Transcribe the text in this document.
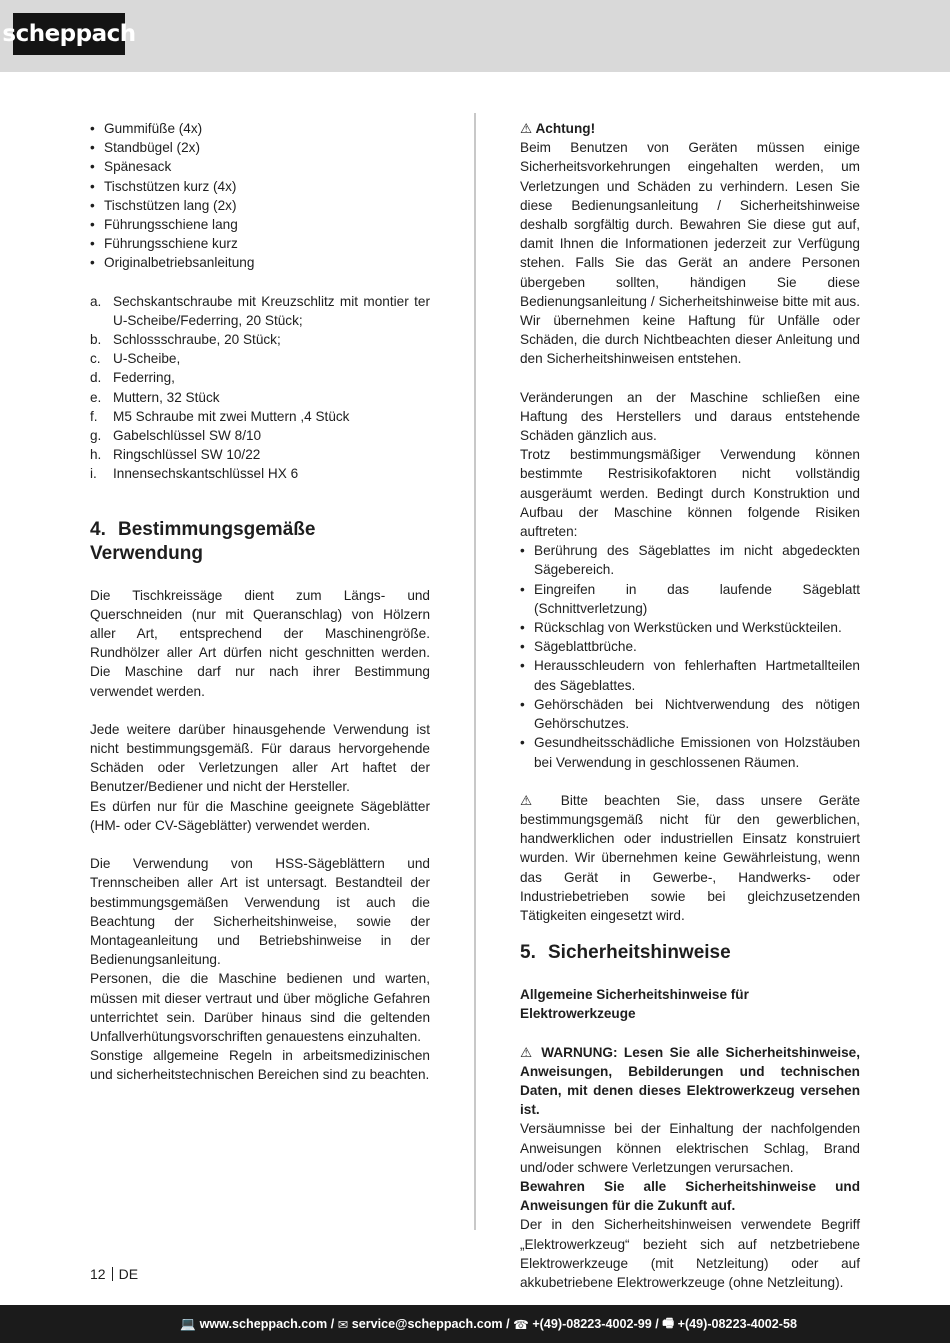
scheppach
• Gummifüße (4x)
• Standbügel (2x)
• Spänesack
• Tischstützen kurz (4x)
• Tischstützen lang (2x)
• Führungsschiene lang
• Führungsschiene kurz
• Originalbetriebsanleitung
a. Sechskantschraube mit Kreuzschlitz mit montier ter U-Scheibe/Federring, 20 Stück;
b. Schlossschraube, 20 Stück;
c. U-Scheibe,
d. Federring,
e. Muttern, 32 Stück
f.	M5 Schraube mit zwei Muttern ,4 Stück
g. Gabelschlüssel SW 8/10
h. Ringschlüssel SW 10/22
i.	Innensechskantschlüssel HX 6
4. Bestimmungsgemäße Verwendung

Die Tischkreissäge dient zum Längs- und Querschneiden (nur mit Queranschlag) von Hölzern aller Art, entsprechend der Maschinengröße. Rundhölzer aller Art dürfen nicht geschnitten werden. Die Maschine darf nur nach ihrer Bestimmung verwendet werden.

Jede weitere darüber hinausgehende Verwendung ist nicht bestimmungsgemäß. Für daraus hervorgehende Schäden oder Verletzungen aller Art haftet der Benutzer/Bediener und nicht der Hersteller.

Es dürfen nur für die Maschine geeignete Sägeblätter (HM- oder CV-Sägeblätter) verwendet werden.

Die Verwendung von HSS-Sägeblättern und Trennscheiben aller Art ist untersagt. Bestandteil der bestimmungsgemäßen Verwendung ist auch die Beachtung der Sicherheitshinweise, sowie der Montageanleitung und Betriebshinweise in der Bedienungsanleitung.

Personen, die die Maschine bedienen und warten, müssen mit dieser vertraut und über mögliche Gefahren unterrichtet sein. Darüber hinaus sind die geltenden Unfallverhütungsvorschriften genauestens einzuhalten.

Sonstige allgemeine Regeln in arbeitsmedizinischen und sicherheitstechnischen Bereichen sind zu beachten.

⚠ Achtung!

Beim Benutzen von Geräten müssen einige Sicherheitsvorkehrungen eingehalten werden, um Verletzungen und Schäden zu verhindern. Lesen Sie diese Bedienungsanleitung / Sicherheitshinweise deshalb sorgfältig durch. Bewahren Sie diese gut auf, damit Ihnen die Informationen jederzeit zur Verfügung stehen. Falls Sie das Gerät an andere Personen übergeben sollten, händigen Sie diese Bedienungsanleitung / Sicherheitshinweise bitte mit aus. Wir übernehmen keine Haftung für Unfälle oder Schäden, die durch Nichtbeachten dieser Anleitung und den Sicherheitshinweisen entstehen.

Veränderungen an der Maschine schließen eine Haftung des Herstellers und daraus entstehende Schäden gänzlich aus.

Trotz bestimmungsmäßiger Verwendung können bestimmte Restrisikofaktoren nicht vollständig ausgeräumt werden. Bedingt durch Konstruktion und Aufbau der Maschine können folgende Risiken auftreten:

• Berührung des Sägeblattes im nicht abgedeckten Sägebereich.
• Eingreifen in das laufende Sägeblatt (Schnittverletzung)
• Rückschlag von Werkstücken und Werkstückteilen.
• Sägeblattbrüche.
• Herausschleudern von fehlerhaften Hartmetallteilen des Sägeblattes.
• Gehörschäden bei Nichtverwendung des nötigen Gehörschutzes.
• Gesundheitsschädliche Emissionen von Holzstäuben bei Verwendung in geschlossenen Räumen.

⚠ Bitte beachten Sie, dass unsere Geräte bestimmungsgemäß nicht für den gewerblichen, handwerklichen oder industriellen Einsatz konstruiert wurden. Wir übernehmen keine Gewährleistung, wenn das Gerät in Gewerbe-, Handwerks- oder Industriebetrieben sowie bei gleichzusetzenden Tätigkeiten eingesetzt wird.

5. Sicherheitshinweise
Allgemeine Sicherheitshinweise für Elektrowerkzeuge

⚠ WARNUNG: Lesen Sie alle Sicherheitshinweise, Anweisungen, Bebilderungen und technischen Daten, mit denen dieses Elektrowerkzeug versehen ist.

Versäumnisse bei der Einhaltung der nachfolgenden Anweisungen können elektrischen Schlag, Brand und/oder schwere Verletzungen verursachen.

Bewahren Sie alle Sicherheitshinweise und Anweisungen für die Zukunft auf.

Der in den Sicherheitshinweisen verwendete Begriff „Elektrowerkzeug“ bezieht sich auf netzbetriebene Elektrowerkzeuge (mit Netzleitung) oder auf akkubetriebene Elektrowerkzeuge (ohne Netzleitung).

12 DE
💻 www.scheppach.com
/
✉ service@scheppach.com
/
☎ +(49)-08223-4002-99
/
🖷 +(49)-08223-4002-58
